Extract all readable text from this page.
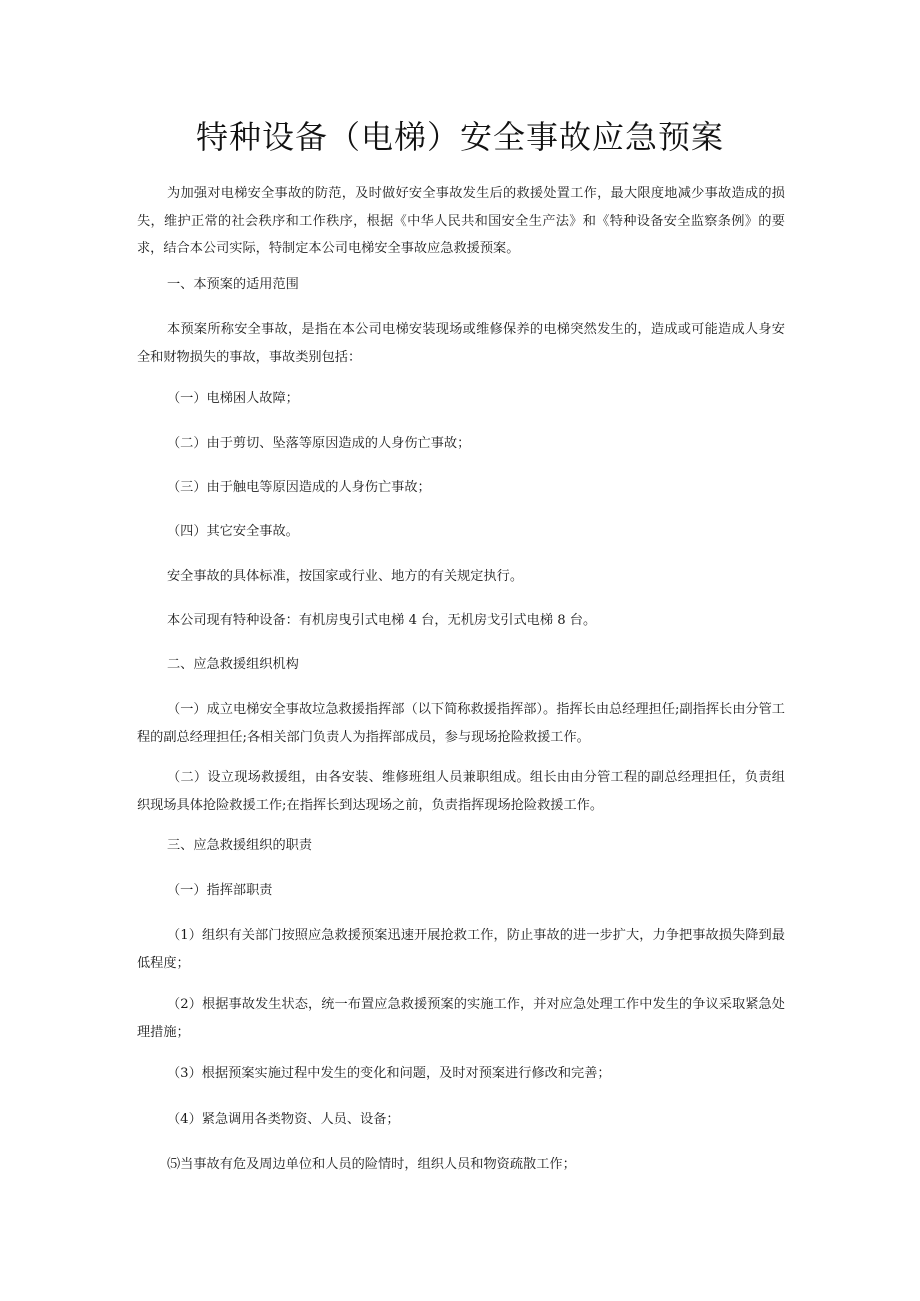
特种设备（电梯）安全事故应急预案

为加强对电梯安全事故的防范，及时做好安全事故发生后的救援处置工作，最大限度地减少事故造成的损失，维护正常的社会秩序和工作秩序，根据《中华人民共和国安全生产法》和《特种设备安全监察条例》的要求，结合本公司实际，特制定本公司电梯安全事故应急救援预案。

一、本预案的适用范围

本预案所称安全事故，是指在本公司电梯安装现场或维修保养的电梯突然发生的，造成或可能造成人身安全和财物损失的事故，事故类别包括：

（一）电梯困人故障；

（二）由于剪切、坠落等原因造成的人身伤亡事故；

（三）由于触电等原因造成的人身伤亡事故；

（四）其它安全事故。

安全事故的具体标准，按国家或行业、地方的有关规定执行。

本公司现有特种设备：有机房曳引式电梯 4 台，无机房戈引式电梯 8 台。

二、应急救援组织机构

（一）成立电梯安全事故垃急救援指挥部（以下简称救援指挥部）。指挥长由总经理担任;副指挥长由分管工程的副总经理担任;各相关部门负责人为指挥部成员，参与现场抢险救援工作。

（二）设立现场救援组，由各安装、维修班组人员兼职组成。组长由由分管工程的副总经理担任，负责组织现场具体抢险救援工作;在指挥长到达现场之前，负责指挥现场抢险救援工作。

三、应急救援组织的职责

（一）指挥部职责

（1）组织有关部门按照应急救援预案迅速开展抢救工作，防止事故的进一步扩大，力争把事故损失降到最低程度；

（2）根据事故发生状态，统一布置应急救援预案的实施工作，并对应急处理工作中发生的争议采取紧急处理措施；

（3）根据预案实施过程中发生的变化和问题，及时对预案进行修改和完善；

（4）紧急调用各类物资、人员、设备；

⑸当事故有危及周边单位和人员的险情时，组织人员和物资疏散工作；
